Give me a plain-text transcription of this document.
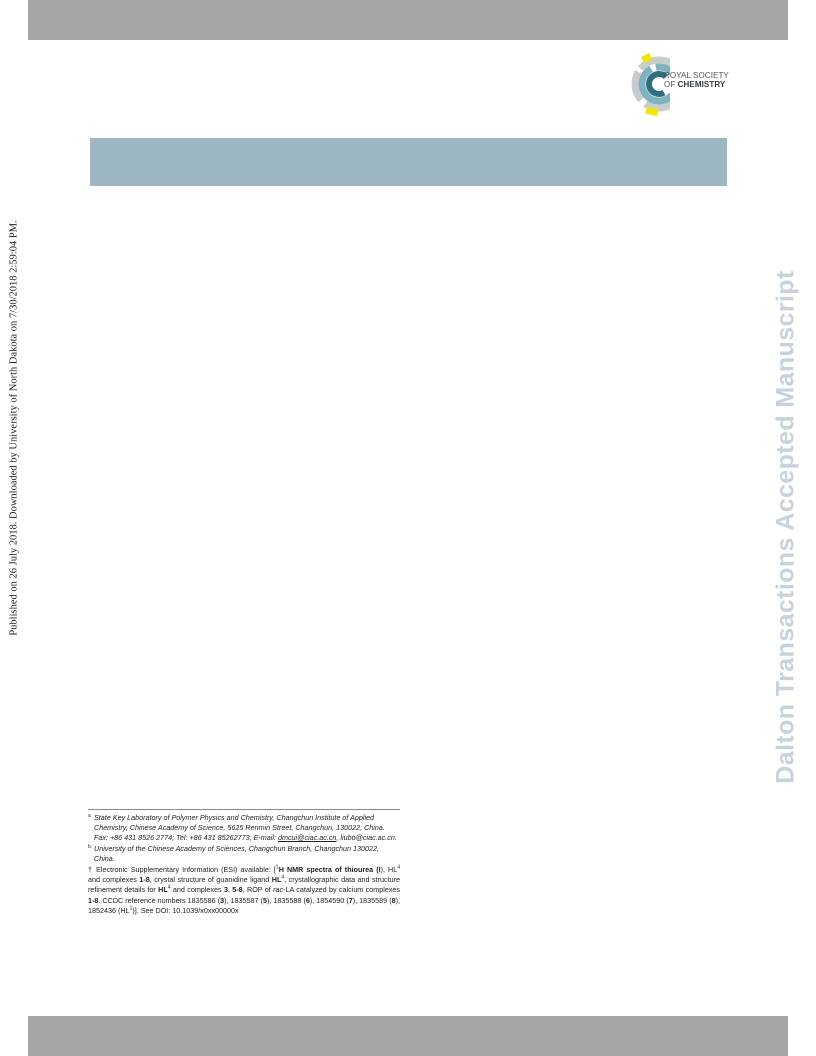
ROYAL SOCIETY
OF CHEMISTRY
Published on 26 July 2018. Downloaded by University of North Dakota on 7/30/2018 2:59:04 PM.	Dalton Transactions Accepted Manuscript
a State Key Laboratory of Polymer Physics and Chemistry, Changchun Institute of Applied Chemistry, Chinese Academy of Science, 5625 Renmin Street, Changchun, 130022, China. Fax: +86 431 8526 2774; Tel: +86 431 85262773; E-mail: dmcui@ciac.ac.cn, liubo@ciac.ac.cn.
b. University of the Chinese Academy of Sciences, Changchun Branch, Changchun 130022, China.
† Electronic Supplementary Information (ESI) available: [$^1$H NMR spectra of thiourea (I), $HL^4$ and complexes 1-8, crystal structure of guanidine ligand $HL^4$, crystallographic data and structure refinement details for $HL^4$ and complexes 3, 5-8, ROP of rac-LA catalyzed by calcium complexes 1-8. CCDC reference numbers 1835586 (3), 1835587 (5), 1835588 (6), 1854590 (7), 1835589 (8), 1852436 $(HL^1)$]. See DOI: 10.1039/x0xx00000x
